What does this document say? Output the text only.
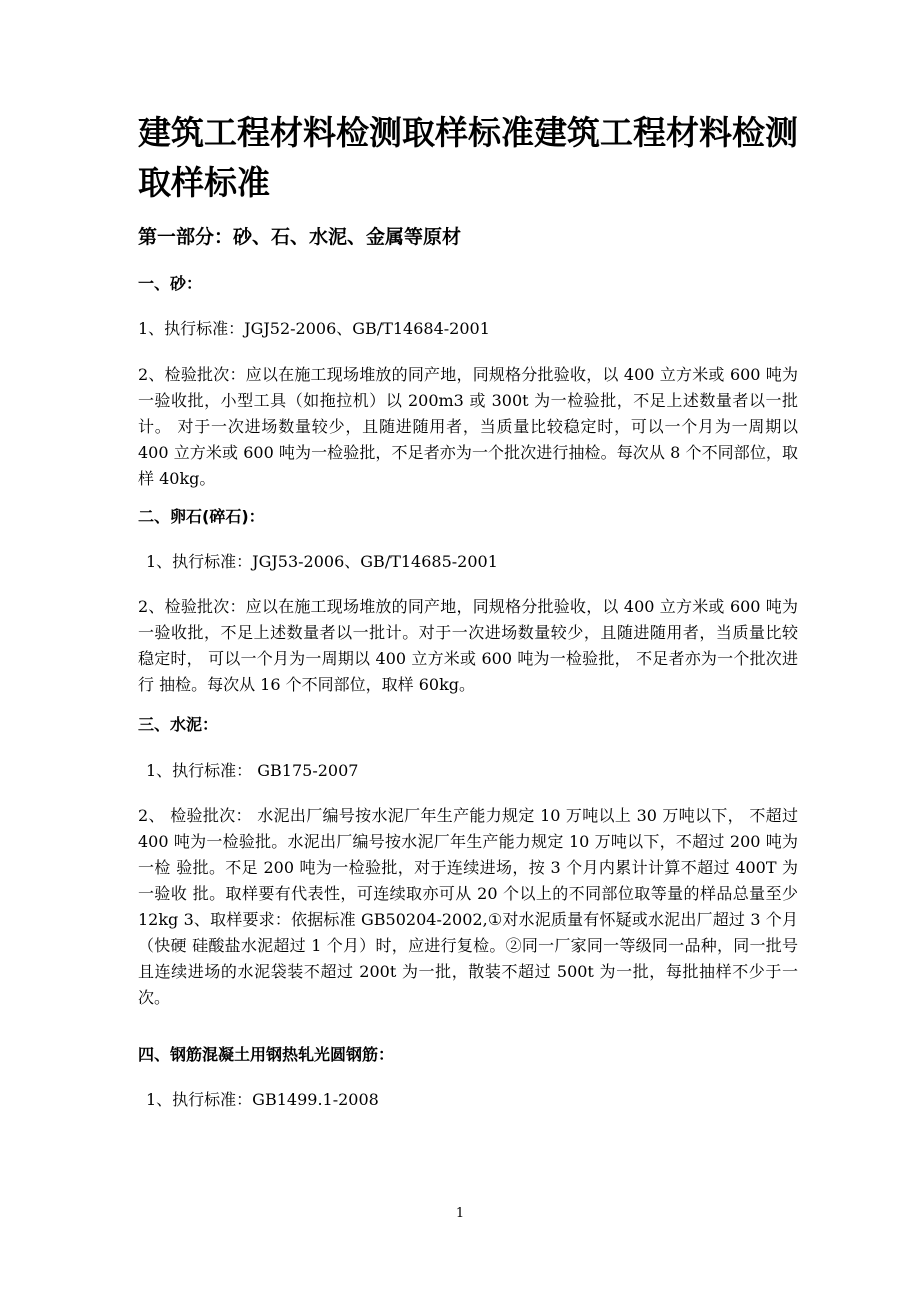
建筑工程材料检测取样标准建筑工程材料检测取样标准
第一部分：砂、石、水泥、金属等原材
一、砂：

1、执行标准：JGJ52-2006、GB/T14684-2001

2、检验批次：应以在施工现场堆放的同产地，同规格分批验收，以 400 立方米或 600 吨为 一验收批，小型工具（如拖拉机）以 200m3 或 300t 为一检验批，不足上述数量者以一批计。 对于一次进场数量较少，且随进随用者，当质量比较稳定时，可以一个月为一周期以 400 立方米或 600 吨为一检验批，不足者亦为一个批次进行抽检。每次从 8 个不同部位，取样 40kg。

二、卵石(碎石)：

1、执行标准：JGJ53-2006、GB/T14685-2001

2、检验批次：应以在施工现场堆放的同产地，同规格分批验收，以 400 立方米或 600 吨为 一验收批，不足上述数量者以一批计。对于一次进场数量较少，且随进随用者，当质量比较 稳定时， 可以一个月为一周期以 400 立方米或 600 吨为一检验批， 不足者亦为一个批次进行 抽检。每次从 16 个不同部位，取样 60kg。

三、水泥：

1、执行标准： GB175-2007

2、 检验批次： 水泥出厂编号按水泥厂年生产能力规定 10 万吨以上 30 万吨以下， 不超过 400 吨为一检验批。水泥出厂编号按水泥厂年生产能力规定 10 万吨以下，不超过 200 吨为一检 验批。不足 200 吨为一检验批，对于连续进场，按 3 个月内累计计算不超过 400T 为一验收 批。取样要有代表性，可连续取亦可从 20 个以上的不同部位取等量的样品总量至少 12kg 3、取样要求：依据标准 GB50204-2002,①对水泥质量有怀疑或水泥出厂超过 3 个月（快硬 硅酸盐水泥超过 1 个月）时，应进行复检。②同一厂家同一等级同一品种，同一批号且连续进场的水泥袋装不超过 200t 为一批，散装不超过 500t 为一批，每批抽样不少于一次。

四、钢筋混凝土用钢热轧光圆钢筋：

1、执行标准：GB1499.1-2008

1
